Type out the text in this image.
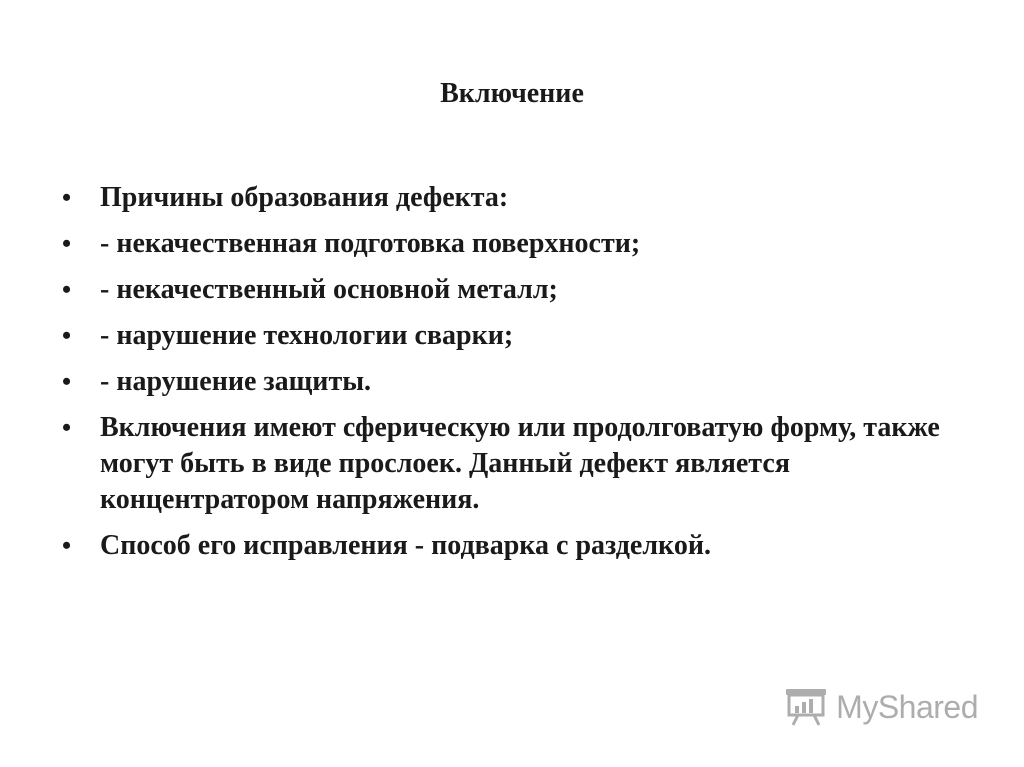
Включение
• Причины образования дефекта:
• - некачественная подготовка поверхности;
• - некачественный основной металл;
• - нарушение технологии сварки;
• - нарушение защиты.
• Включения имеют сферическую или продолговатую форму, также могут быть в виде прослоек. Данный дефект является концентратором напряжения.
• Способ его исправления - подварка с разделкой.
MyShared
